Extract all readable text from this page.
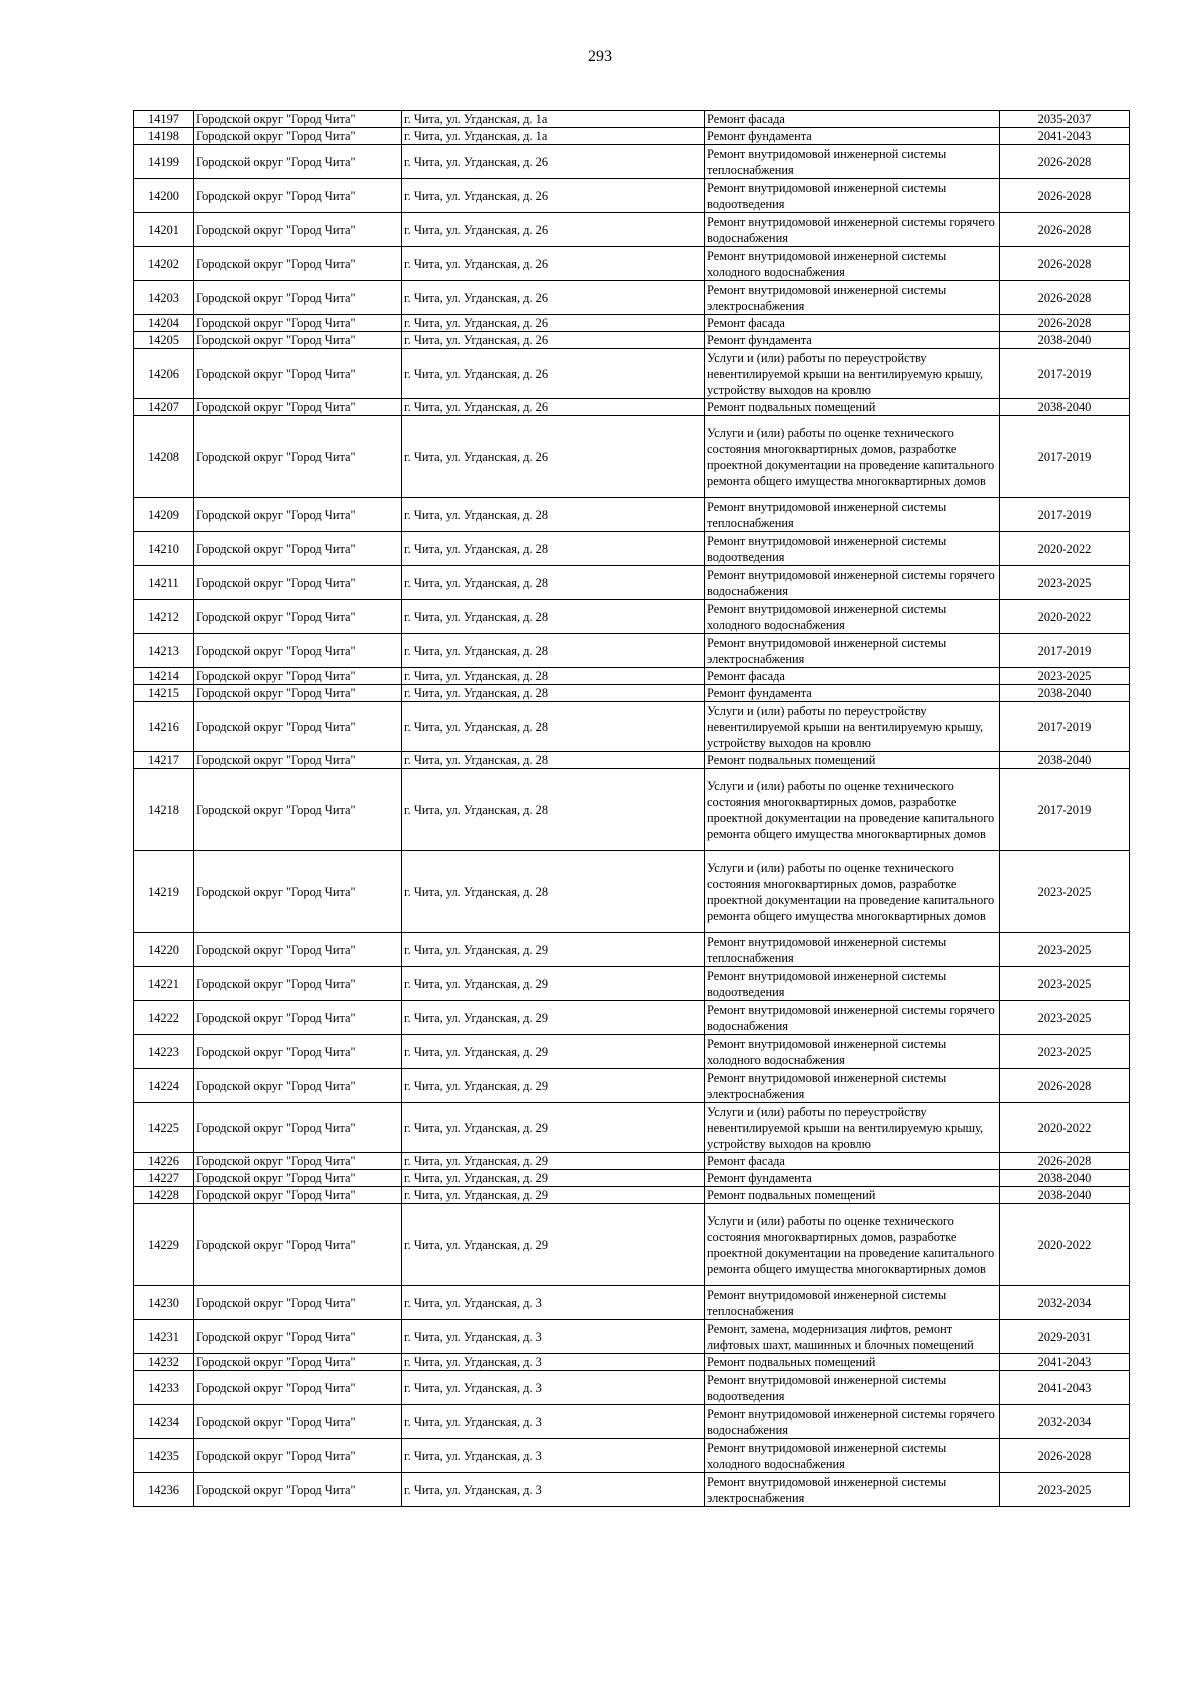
293
14197	Городской округ "Город Чита"	г. Чита, ул. Угданская, д. 1а	Ремонт фасада	2035-2037
14198	Городской округ "Город Чита"	г. Чита, ул. Угданская, д. 1а	Ремонт фундамента	2041-2043
14199	Городской округ "Город Чита"	г. Чита, ул. Угданская, д. 26	Ремонт внутридомовой инженерной системы теплоснабжения	2026-2028
14200	Городской округ "Город Чита"	г. Чита, ул. Угданская, д. 26	Ремонт внутридомовой инженерной системы водоотведения	2026-2028
14201	Городской округ "Город Чита"	г. Чита, ул. Угданская, д. 26	Ремонт внутридомовой инженерной системы горячего водоснабжения	2026-2028
14202	Городской округ "Город Чита"	г. Чита, ул. Угданская, д. 26	Ремонт внутридомовой инженерной системы холодного водоснабжения	2026-2028
14203	Городской округ "Город Чита"	г. Чита, ул. Угданская, д. 26	Ремонт внутридомовой инженерной системы электроснабжения	2026-2028
14204	Городской округ "Город Чита"	г. Чита, ул. Угданская, д. 26	Ремонт фасада	2026-2028
14205	Городской округ "Город Чита"	г. Чита, ул. Угданская, д. 26	Ремонт фундамента	2038-2040
14206	Городской округ "Город Чита"	г. Чита, ул. Угданская, д. 26	Услуги и (или) работы по переустройству невентилируемой крыши на вентилируемую крышу, устройству выходов на кровлю	2017-2019
14207	Городской округ "Город Чита"	г. Чита, ул. Угданская, д. 26	Ремонт подвальных помещений	2038-2040
14208	Городской округ "Город Чита"	г. Чита, ул. Угданская, д. 26	Услуги и (или) работы по оценке технического состояния многоквартирных домов, разработке проектной документации на проведение капитального ремонта общего имущества многоквартирных домов	2017-2019
14209	Городской округ "Город Чита"	г. Чита, ул. Угданская, д. 28	Ремонт внутридомовой инженерной системы теплоснабжения	2017-2019
14210	Городской округ "Город Чита"	г. Чита, ул. Угданская, д. 28	Ремонт внутридомовой инженерной системы водоотведения	2020-2022
14211	Городской округ "Город Чита"	г. Чита, ул. Угданская, д. 28	Ремонт внутридомовой инженерной системы горячего водоснабжения	2023-2025
14212	Городской округ "Город Чита"	г. Чита, ул. Угданская, д. 28	Ремонт внутридомовой инженерной системы холодного водоснабжения	2020-2022
14213	Городской округ "Город Чита"	г. Чита, ул. Угданская, д. 28	Ремонт внутридомовой инженерной системы электроснабжения	2017-2019
14214	Городской округ "Город Чита"	г. Чита, ул. Угданская, д. 28	Ремонт фасада	2023-2025
14215	Городской округ "Город Чита"	г. Чита, ул. Угданская, д. 28	Ремонт фундамента	2038-2040
14216	Городской округ "Город Чита"	г. Чита, ул. Угданская, д. 28	Услуги и (или) работы по переустройству невентилируемой крыши на вентилируемую крышу, устройству выходов на кровлю	2017-2019
14217	Городской округ "Город Чита"	г. Чита, ул. Угданская, д. 28	Ремонт подвальных помещений	2038-2040
14218	Городской округ "Город Чита"	г. Чита, ул. Угданская, д. 28	Услуги и (или) работы по оценке технического состояния многоквартирных домов, разработке проектной документации на проведение капитального ремонта общего имущества многоквартирных домов	2017-2019
14219	Городской округ "Город Чита"	г. Чита, ул. Угданская, д. 28	Услуги и (или) работы по оценке технического состояния многоквартирных домов, разработке проектной документации на проведение капитального ремонта общего имущества многоквартирных домов	2023-2025
14220	Городской округ "Город Чита"	г. Чита, ул. Угданская, д. 29	Ремонт внутридомовой инженерной системы теплоснабжения	2023-2025
14221	Городской округ "Город Чита"	г. Чита, ул. Угданская, д. 29	Ремонт внутридомовой инженерной системы водоотведения	2023-2025
14222	Городской округ "Город Чита"	г. Чита, ул. Угданская, д. 29	Ремонт внутридомовой инженерной системы горячего водоснабжения	2023-2025
14223	Городской округ "Город Чита"	г. Чита, ул. Угданская, д. 29	Ремонт внутридомовой инженерной системы холодного водоснабжения	2023-2025
14224	Городской округ "Город Чита"	г. Чита, ул. Угданская, д. 29	Ремонт внутридомовой инженерной системы электроснабжения	2026-2028
14225	Городской округ "Город Чита"	г. Чита, ул. Угданская, д. 29	Услуги и (или) работы по переустройству невентилируемой крыши на вентилируемую крышу, устройству выходов на кровлю	2020-2022
14226	Городской округ "Город Чита"	г. Чита, ул. Угданская, д. 29	Ремонт фасада	2026-2028
14227	Городской округ "Город Чита"	г. Чита, ул. Угданская, д. 29	Ремонт фундамента	2038-2040
14228	Городской округ "Город Чита"	г. Чита, ул. Угданская, д. 29	Ремонт подвальных помещений	2038-2040
14229	Городской округ "Город Чита"	г. Чита, ул. Угданская, д. 29	Услуги и (или) работы по оценке технического состояния многоквартирных домов, разработке проектной документации на проведение капитального ремонта общего имущества многоквартирных домов	2020-2022
14230	Городской округ "Город Чита"	г. Чита, ул. Угданская, д. 3	Ремонт внутридомовой инженерной системы теплоснабжения	2032-2034
14231	Городской округ "Город Чита"	г. Чита, ул. Угданская, д. 3	Ремонт, замена, модернизация лифтов, ремонт лифтовых шахт, машинных и блочных помещений	2029-2031
14232	Городской округ "Город Чита"	г. Чита, ул. Угданская, д. 3	Ремонт подвальных помещений	2041-2043
14233	Городской округ "Город Чита"	г. Чита, ул. Угданская, д. 3	Ремонт внутридомовой инженерной системы водоотведения	2041-2043
14234	Городской округ "Город Чита"	г. Чита, ул. Угданская, д. 3	Ремонт внутридомовой инженерной системы горячего водоснабжения	2032-2034
14235	Городской округ "Город Чита"	г. Чита, ул. Угданская, д. 3	Ремонт внутридомовой инженерной системы холодного водоснабжения	2026-2028
14236	Городской округ "Город Чита"	г. Чита, ул. Угданская, д. 3	Ремонт внутридомовой инженерной системы электроснабжения	2023-2025
